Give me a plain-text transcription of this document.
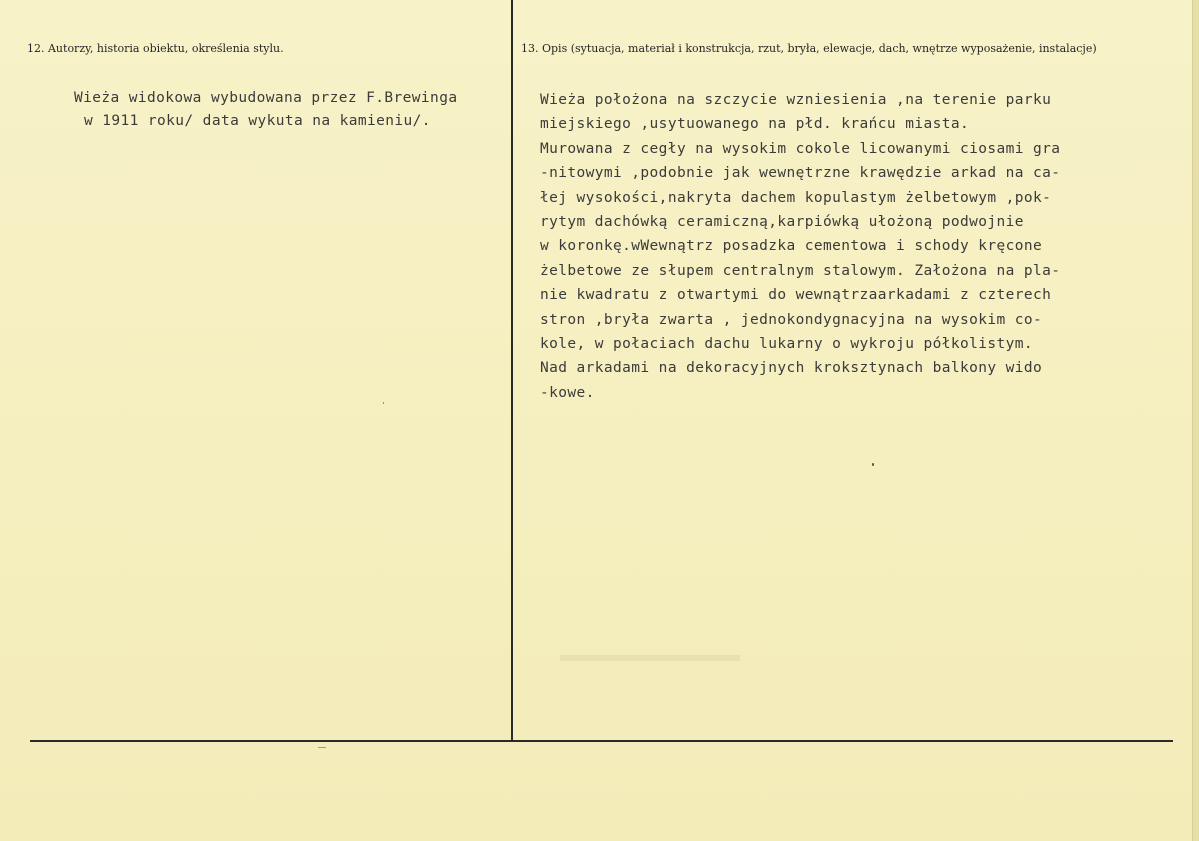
12. Autorzy, historia obiektu, określenia stylu.	13. Opis (sytuacja, materiał i konstrukcja, rzut, bryła, elewacje, dach, wnętrze wyposażenie, instalacje)
Wieża widokowa wybudowana przez F.Brewinga
w 1911 roku/ data wykuta na kamieniu/.
Wieża położona na szczycie wzniesienia ,na terenie parku
miejskiego ,usytuowanego na płd. krańcu miasta.
Murowana z cegły na wysokim cokole licowanymi ciosami gra
-nitowymi ,podobnie jak wewnętrzne krawędzie arkad na ca-
łej wysokości,nakryta dachem kopulastym żelbetowym ,pok-
rytym dachówką ceramiczną,karpiówką ułożoną podwojnie
w koronkę.wWewnątrz posadzka cementowa i schody kręcone
żelbetowe ze słupem centralnym stalowym. Założona na pla-
nie kwadratu z otwartymi do wewnątrzaarkadami z czterech
stron ,bryła zwarta , jednokondygnacyjna na wysokim co-
kole, w połaciach dachu lukarny o wykroju półkolistym.
Nad arkadami na dekoracyjnych kroksztynach balkony wido
-kowe.
